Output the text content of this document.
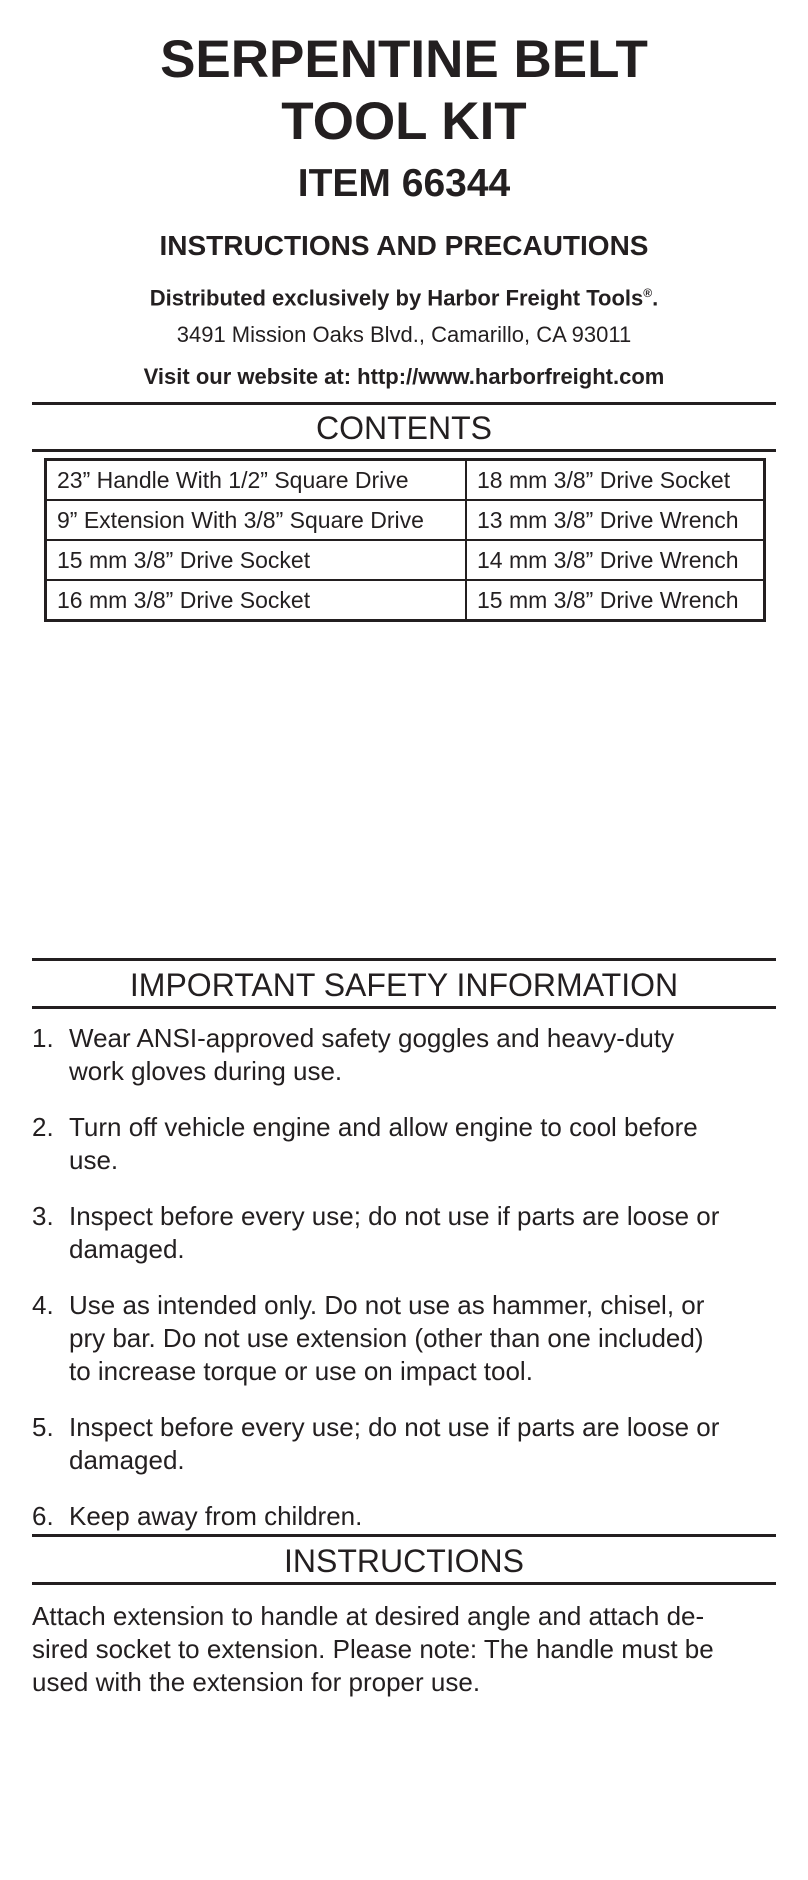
SERPENTINE BELT
TOOL KIT
ITEM 66344
INSTRUCTIONS AND PRECAUTIONS
Distributed exclusively by Harbor Freight Tools®.
3491 Mission Oaks Blvd., Camarillo, CA 93011
Visit our website at: http://www.harborfreight.com
CONTENTS
23” Handle With 1/2” Square Drive	18 mm 3/8” Drive Socket
9” Extension With 3/8” Square Drive	13 mm 3/8” Drive Wrench
15 mm 3/8” Drive Socket	14 mm 3/8” Drive Wrench
16 mm 3/8” Drive Socket	15 mm 3/8” Drive Wrench
IMPORTANT SAFETY INFORMATION
1. Wear ANSI-approved safety goggles and heavy-duty
work gloves during use.
2. Turn off vehicle engine and allow engine to cool before
use.
3. Inspect before every use; do not use if parts are loose or
damaged.
4. Use as intended only. Do not use as hammer, chisel, or
pry bar. Do not use extension (other than one included)
to increase torque or use on impact tool.
5. Inspect before every use; do not use if parts are loose or
damaged.
6. Keep away from children.
INSTRUCTIONS
Attach extension to handle at desired angle and attach de-
sired socket to extension. Please note: The handle must be
used with the extension for proper use.
